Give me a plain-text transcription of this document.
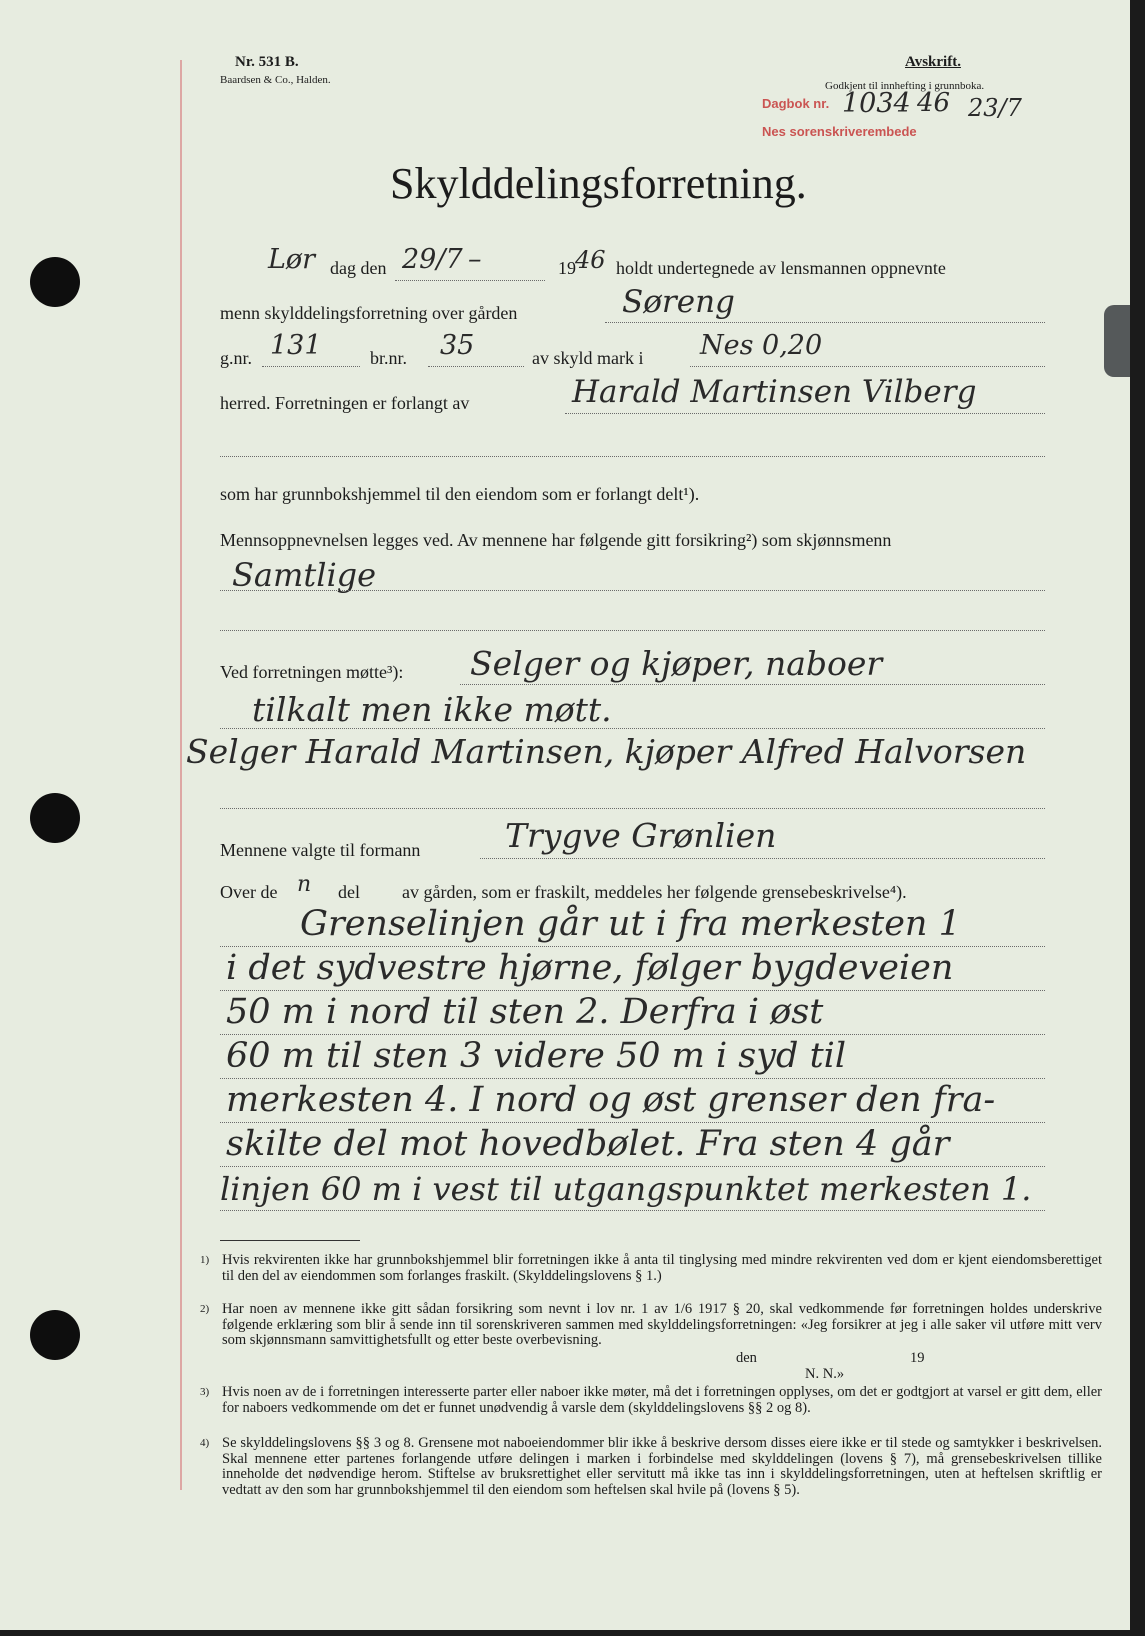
Nr. 531 B.
Baardsen & Co., Halden.
Avskrift.
Godkjent til innhefting i grunnboka.
Dagbok nr.
Nes sorenskriverembede
1034 46 23/7
Skylddelingsforretning.
Lør dag den 29/7 –	19 46 holdt undertegnede av lensmannen oppnevnte
menn skylddelingsforretning over gården	Søreng
g.nr. 131	br.nr. 35	av skyld mark i Nes 0,20
herred. Forretningen er forlangt av	Harald Martinsen Vilberg
som har grunnbokshjemmel til den eiendom som er forlangt delt¹).
Mennsoppnevnelsen legges ved. Av mennene har følgende gitt forsikring²) som skjønnsmenn
Samtlige
Ved forretningen møtte³): Selger og kjøper, naboer
tilkalt men ikke møtt.
Selger Harald Martinsen, kjøper Alfred Halvorsen
Mennene valgte til formann	Trygve Grønlien
Over de n del av gården, som er fraskilt, meddeles her følgende grensebeskrivelse⁴).
Grenselinjen går ut i fra merkesten 1
i det sydvestre hjørne, følger bygdeveien
50 m i nord til sten 2. Derfra i øst
60 m til sten 3 videre 50 m i syd til
merkesten 4. I nord og øst grenser den fra-
skilte del mot hovedbølet. Fra sten 4 går
linjen 60 m i vest til utgangspunktet merkesten 1.
1) Hvis rekvirenten ikke har grunnbokshjemmel blir forretningen ikke å anta til tinglysing med mindre rekvirenten ved dom er kjent eiendomsberettiget til den del av eiendommen som forlanges fraskilt. (Skylddelingslovens § 1.)
2) Har noen av mennene ikke gitt sådan forsikring som nevnt i lov nr. 1 av 1/6 1917 § 20, skal vedkommende før forretningen holdes underskrive følgende erklæring som blir å sende inn til sorenskriveren sammen med skylddelingsforretningen: «Jeg forsikrer at jeg i alle saker vil utføre mitt verv som skjønnsmann samvittighetsfullt og etter beste overbevisning.
den	19
N. N.»
3) Hvis noen av de i forretningen interesserte parter eller naboer ikke møter, må det i forretningen opplyses, om det er godtgjort at varsel er gitt dem, eller for naboers vedkommende om det er funnet unødvendig å varsle dem (skylddelingslovens §§ 2 og 8).
4) Se skylddelingslovens §§ 3 og 8. Grensene mot naboeiendommer blir ikke å beskrive dersom disses eiere ikke er til stede og samtykker i beskrivelsen. Skal mennene etter partenes forlangende utføre delingen i marken i forbindelse med skylddelingen (lovens § 7), må grensebeskrivelsen tillike inneholde det nødvendige herom. Stiftelse av bruksrettighet eller servitutt må ikke tas inn i skylddelingsforretningen, uten at heftelsen skriftlig er vedtatt av den som har grunnbokshjemmel til den eiendom som heftelsen skal hvile på (lovens § 5).
